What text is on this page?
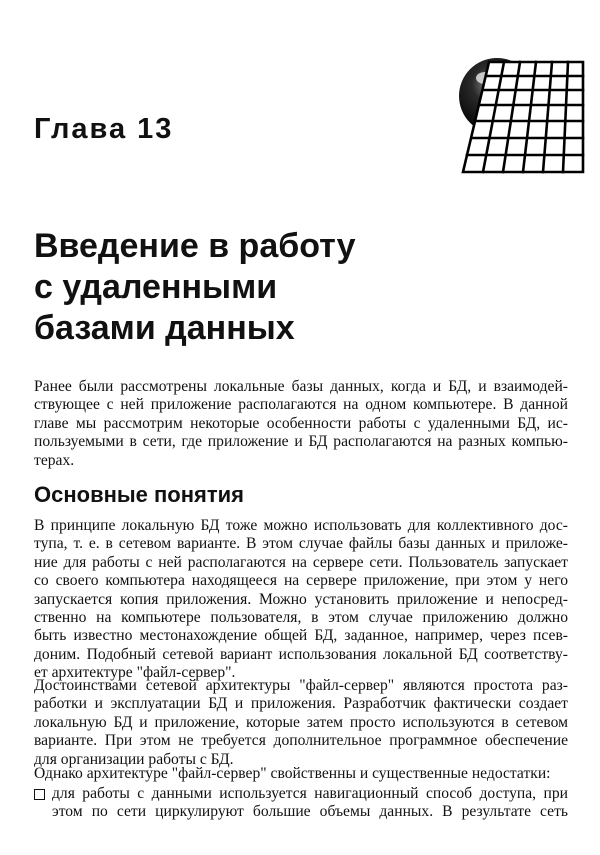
Глава 13
Введение в работу
с удаленными
базами данных
Ранее были рассмотрены локальные базы данных, когда и БД, и взаимодей-
ствующее с ней приложение располагаются на одном компьютере. В данной
главе мы рассмотрим некоторые особенности работы с удаленными БД, ис-
пользуемыми в сети, где приложение и БД располагаются на разных компью-
терах.
Основные понятия
В принципе локальную БД тоже можно использовать для коллективного дос-
тупа, т. е. в сетевом варианте. В этом случае файлы базы данных и приложе-
ние для работы с ней располагаются на сервере сети. Пользователь запускает
со своего компьютера находящееся на сервере приложение, при этом у него
запускается копия приложения. Можно установить приложение и непосред-
ственно на компьютере пользователя, в этом случае приложению должно
быть известно местонахождение общей БД, заданное, например, через псев-
доним. Подобный сетевой вариант использования локальной БД соответству-
ет архитектуре "файл-сервер".
Достоинствами сетевой архитектуры "файл-сервер" являются простота раз-
работки и эксплуатации БД и приложения. Разработчик фактически создает
локальную БД и приложение, которые затем просто используются в сетевом
варианте. При этом не требуется дополнительное программное обеспечение
для организации работы с БД.
Однако архитектуре "файл-сервер" свойственны и существенные недостатки:
для работы с данными используется навигационный способ доступа, при
этом по сети циркулируют большие объемы данных. В результате сеть
